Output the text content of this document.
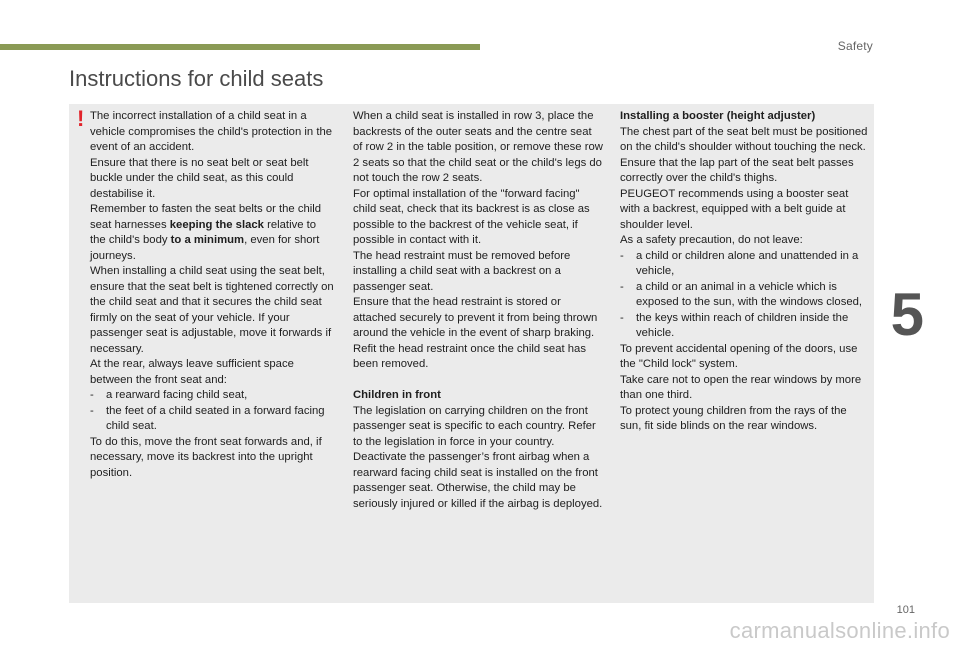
Safety
Instructions for child seats
! The incorrect installation of a child seat in a vehicle compromises the child's protection in the event of an accident.

Ensure that there is no seat belt or seat belt buckle under the child seat, as this could destabilise it.

Remember to fasten the seat belts or the child seat harnesses keeping the slack relative to the child's body to a minimum, even for short journeys.

When installing a child seat using the seat belt, ensure that the seat belt is tightened correctly on the child seat and that it secures the child seat firmly on the seat of your vehicle. If your passenger seat is adjustable, move it forwards if necessary.

At the rear, always leave sufficient space between the front seat and:

- a rearward facing child seat,

- the feet of a child seated in a forward facing child seat.

To do this, move the front seat forwards and, if necessary, move its backrest into the upright position.

When a child seat is installed in row 3, place the backrests of the outer seats and the centre seat of row 2 in the table position, or remove these row 2 seats so that the child seat or the child's legs do not touch the row 2 seats.

For optimal installation of the "forward facing" child seat, check that its backrest is as close as possible to the backrest of the vehicle seat, if possible in contact with it.

The head restraint must be removed before installing a child seat with a backrest on a passenger seat.

Ensure that the head restraint is stored or attached securely to prevent it from being thrown around the vehicle in the event of sharp braking.

Refit the head restraint once the child seat has been removed.

Children in front

The legislation on carrying children on the front passenger seat is specific to each country. Refer to the legislation in force in your country.

Deactivate the passenger’s front airbag when a rearward facing child seat is installed on the front passenger seat. Otherwise, the child may be seriously injured or killed if the airbag is deployed.

Installing a booster (height adjuster)

The chest part of the seat belt must be positioned on the child's shoulder without touching the neck.

Ensure that the lap part of the seat belt passes correctly over the child's thighs.

PEUGEOT recommends using a booster seat with a backrest, equipped with a belt guide at shoulder level.

As a safety precaution, do not leave:

- a child or children alone and unattended in a vehicle,

- a child or an animal in a vehicle which is exposed to the sun, with the windows closed,

- the keys within reach of children inside the vehicle.

To prevent accidental opening of the doors, use the "Child lock" system.

Take care not to open the rear windows by more than one third.

To protect young children from the rays of the sun, fit side blinds on the rear windows.

5
101
carmanualsonline.info
